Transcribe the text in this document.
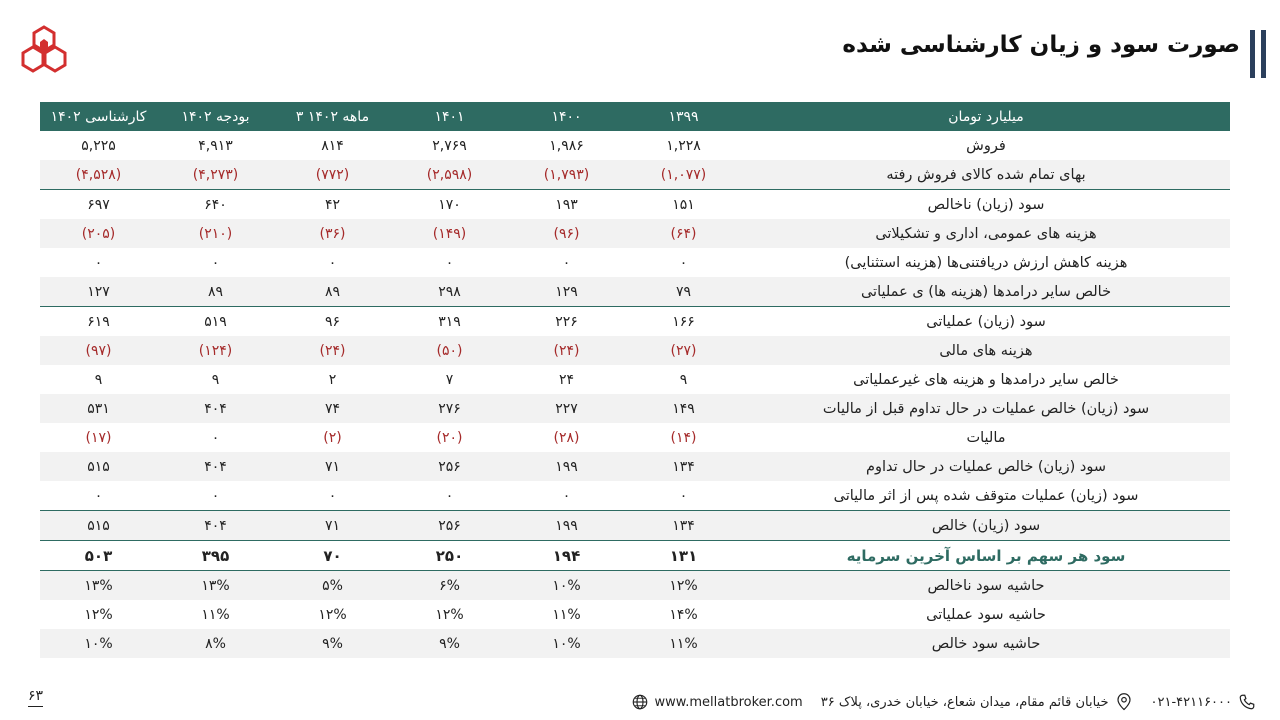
صورت سود و زیان کارشناسی شده
کارشناسی ۱۴۰۲	بودجه ۱۴۰۲	۳ ماهه ۱۴۰۲	۱۴۰۱	۱۴۰۰	۱۳۹۹	میلیارد تومان
۵,۲۲۵	۴,۹۱۳	۸۱۴	۲,۷۶۹	۱,۹۸۶	۱,۲۲۸	فروش
(۴,۵۲۸)	(۴,۲۷۳)	(۷۷۲)	(۲,۵۹۸)	(۱,۷۹۳)	(۱,۰۷۷)	بهای تمام شده کالای فروش رفته
۶۹۷	۶۴۰	۴۲	۱۷۰	۱۹۳	۱۵۱	سود (زیان) ناخالص
(۲۰۵)	(۲۱۰)	(۳۶)	(۱۴۹)	(۹۶)	(۶۴)	هزینه های عمومی، اداری و تشکیلاتی
۰	۰	۰	۰	۰	۰	هزینه کاهش ارزش دریافتنی‌ها (هزینه استثنایی)
۱۲۷	۸۹	۸۹	۲۹۸	۱۲۹	۷۹	خالص سایر درامدها (هزینه ها) ی عملیاتی
۶۱۹	۵۱۹	۹۶	۳۱۹	۲۲۶	۱۶۶	سود (زیان) عملیاتی
(۹۷)	(۱۲۴)	(۲۴)	(۵۰)	(۲۴)	(۲۷)	هزینه های مالی
۹	۹	۲	۷	۲۴	۹	خالص سایر درامدها و هزینه های غیرعملیاتی
۵۳۱	۴۰۴	۷۴	۲۷۶	۲۲۷	۱۴۹	سود (زیان) خالص عملیات در حال تداوم قبل از مالیات
(۱۷)	۰	(۲)	(۲۰)	(۲۸)	(۱۴)	مالیات
۵۱۵	۴۰۴	۷۱	۲۵۶	۱۹۹	۱۳۴	سود (زیان) خالص عملیات در حال تداوم
۰	۰	۰	۰	۰	۰	سود (زیان) عملیات متوقف شده پس از اثر مالیاتی
۵۱۵	۴۰۴	۷۱	۲۵۶	۱۹۹	۱۳۴	سود (زیان) خالص
۵۰۳	۳۹۵	۷۰	۲۵۰	۱۹۴	۱۳۱	سود هر سهم بر اساس آخرین سرمایه
۱۳%	۱۳%	۵%	۶%	۱۰%	۱۲%	حاشیه سود ناخالص
۱۲%	۱۱%	۱۲%	۱۲%	۱۱%	۱۴%	حاشیه سود عملیاتی
۱۰%	۸%	۹%	۹%	۱۰%	۱۱%	حاشیه سود خالص
۶۳	۰۲۱-۴۲۱۱۶۰۰۰
خیابان قائم مقام، میدان شعاع، خیابان خدری، پلاک ۳۶
www.mellatbroker.com
